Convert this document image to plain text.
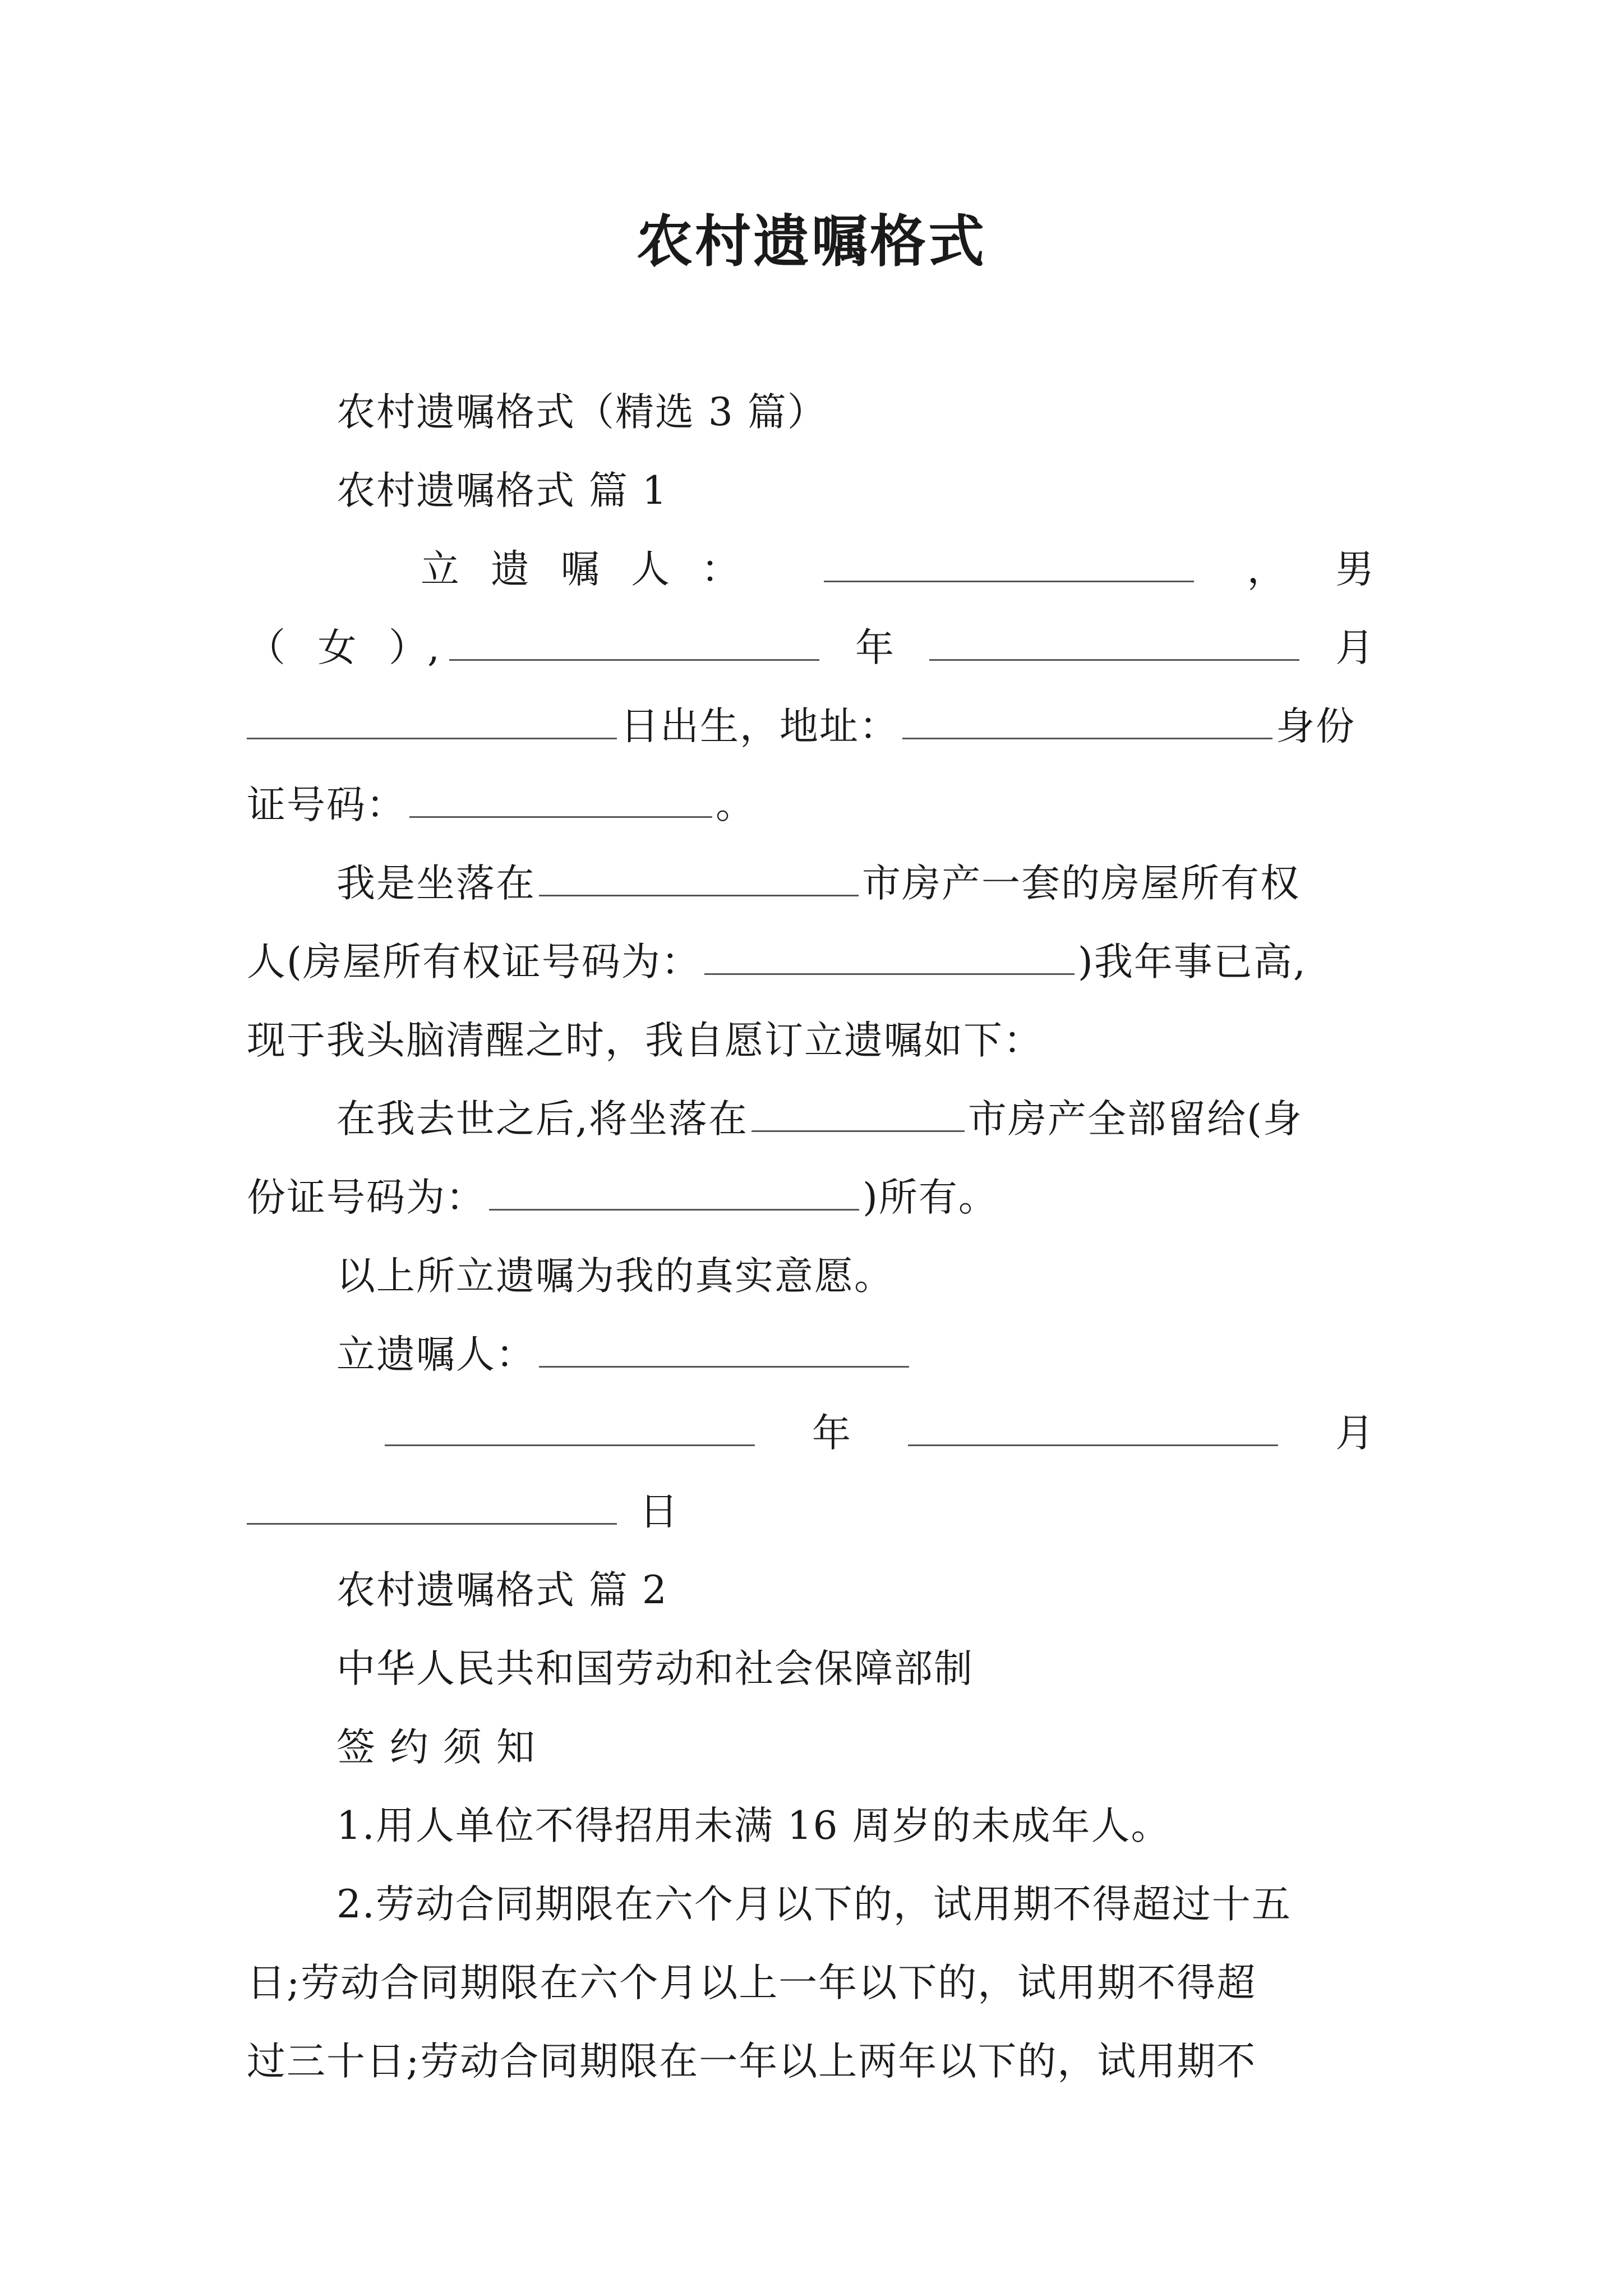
农村遗嘱格式
农村遗嘱格式（精选 3 篇）
农村遗嘱格式 篇 1
立遗嘱人：	， 男
（ 女 ）,	年	月
日出生，地址：	身份
证号码：	。
我是坐落在	市房产一套的房屋所有权
人(房屋所有权证号码为：	)我年事已高,
现于我头脑清醒之时，我自愿订立遗嘱如下：
在我去世之后,将坐落在	市房产全部留给(身
份证号码为：	)所有。
以上所立遗嘱为我的真实意愿。
立遗嘱人：
年	月
日
农村遗嘱格式 篇 2
中华人民共和国劳动和社会保障部制
签 约 须 知
1.用人单位不得招用未满 16 周岁的未成年人。
2.劳动合同期限在六个月以下的，试用期不得超过十五
日;劳动合同期限在六个月以上一年以下的，试用期不得超
过三十日;劳动合同期限在一年以上两年以下的，试用期不
